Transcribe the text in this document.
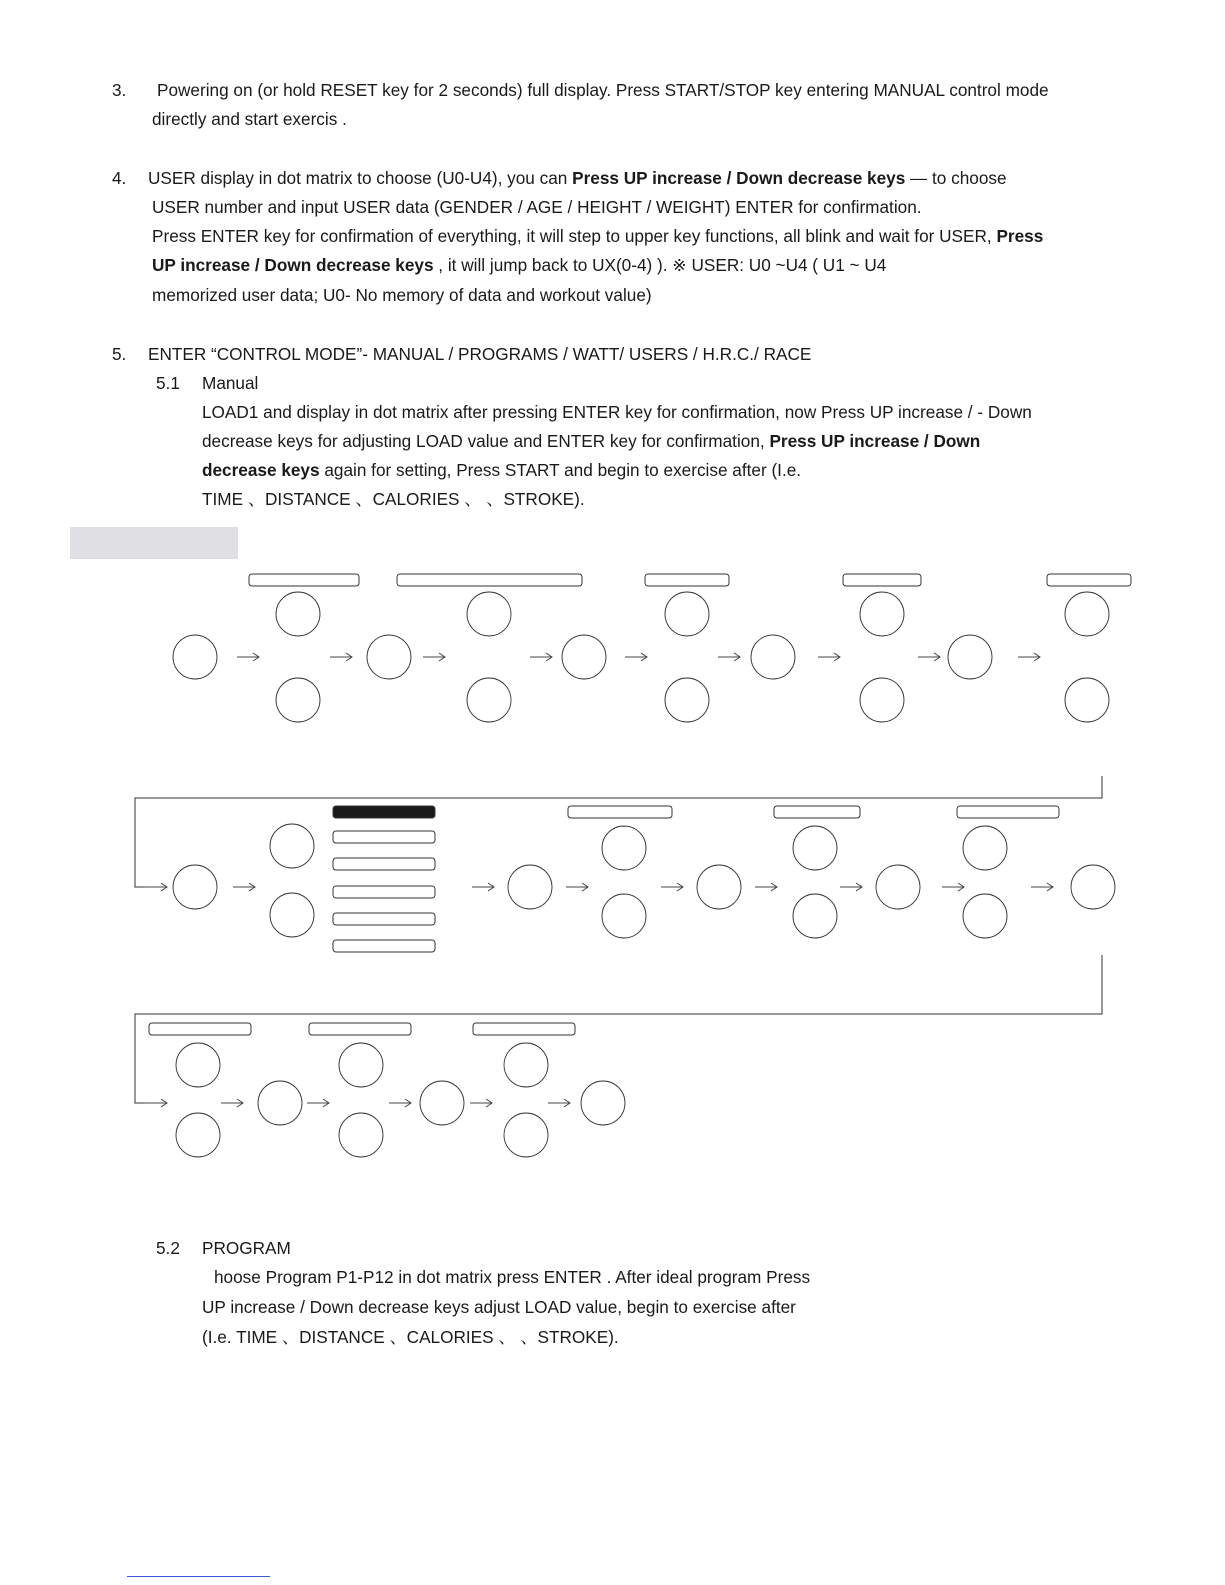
3. Powering on (or hold RESET key for 2 seconds) full display. Press START/STOP key entering MANUAL control mode
directly and start exercis .
4. USER display in dot matrix to choose (U0-U4), you can Press UP increase / Down decrease keys — to choose
USER number and input USER data (GENDER / AGE / HEIGHT / WEIGHT) ENTER for confirmation.
Press ENTER key for confirmation of everything, it will step to upper key functions, all blink and wait for USER, Press
UP increase / Down decrease keys , it will jump back to UX(0-4) ). ※ USER: U0 ~U4 ( U1 ~ U4
memorized user data; U0- No memory of data and workout value)
5. ENTER “CONTROL MODE”- MANUAL / PROGRAMS / WATT/ USERS / H.R.C./ RACE
5.1 Manual
LOAD1 and display in dot matrix after pressing ENTER key for confirmation, now Press UP increase / - Down
decrease keys for adjusting LOAD value and ENTER key for confirmation, Press UP increase / Down
decrease keys again for setting, Press START and begin to exercise after (I.e.
TIME 、DISTANCE 、CALORIES 、 、STROKE).
5.2 PROGRAM
hoose Program P1-P12 in dot matrix press ENTER . After ideal program Press
UP increase / Down decrease keys adjust LOAD value, begin to exercise after
(I.e. TIME 、DISTANCE 、CALORIES 、 、STROKE).
